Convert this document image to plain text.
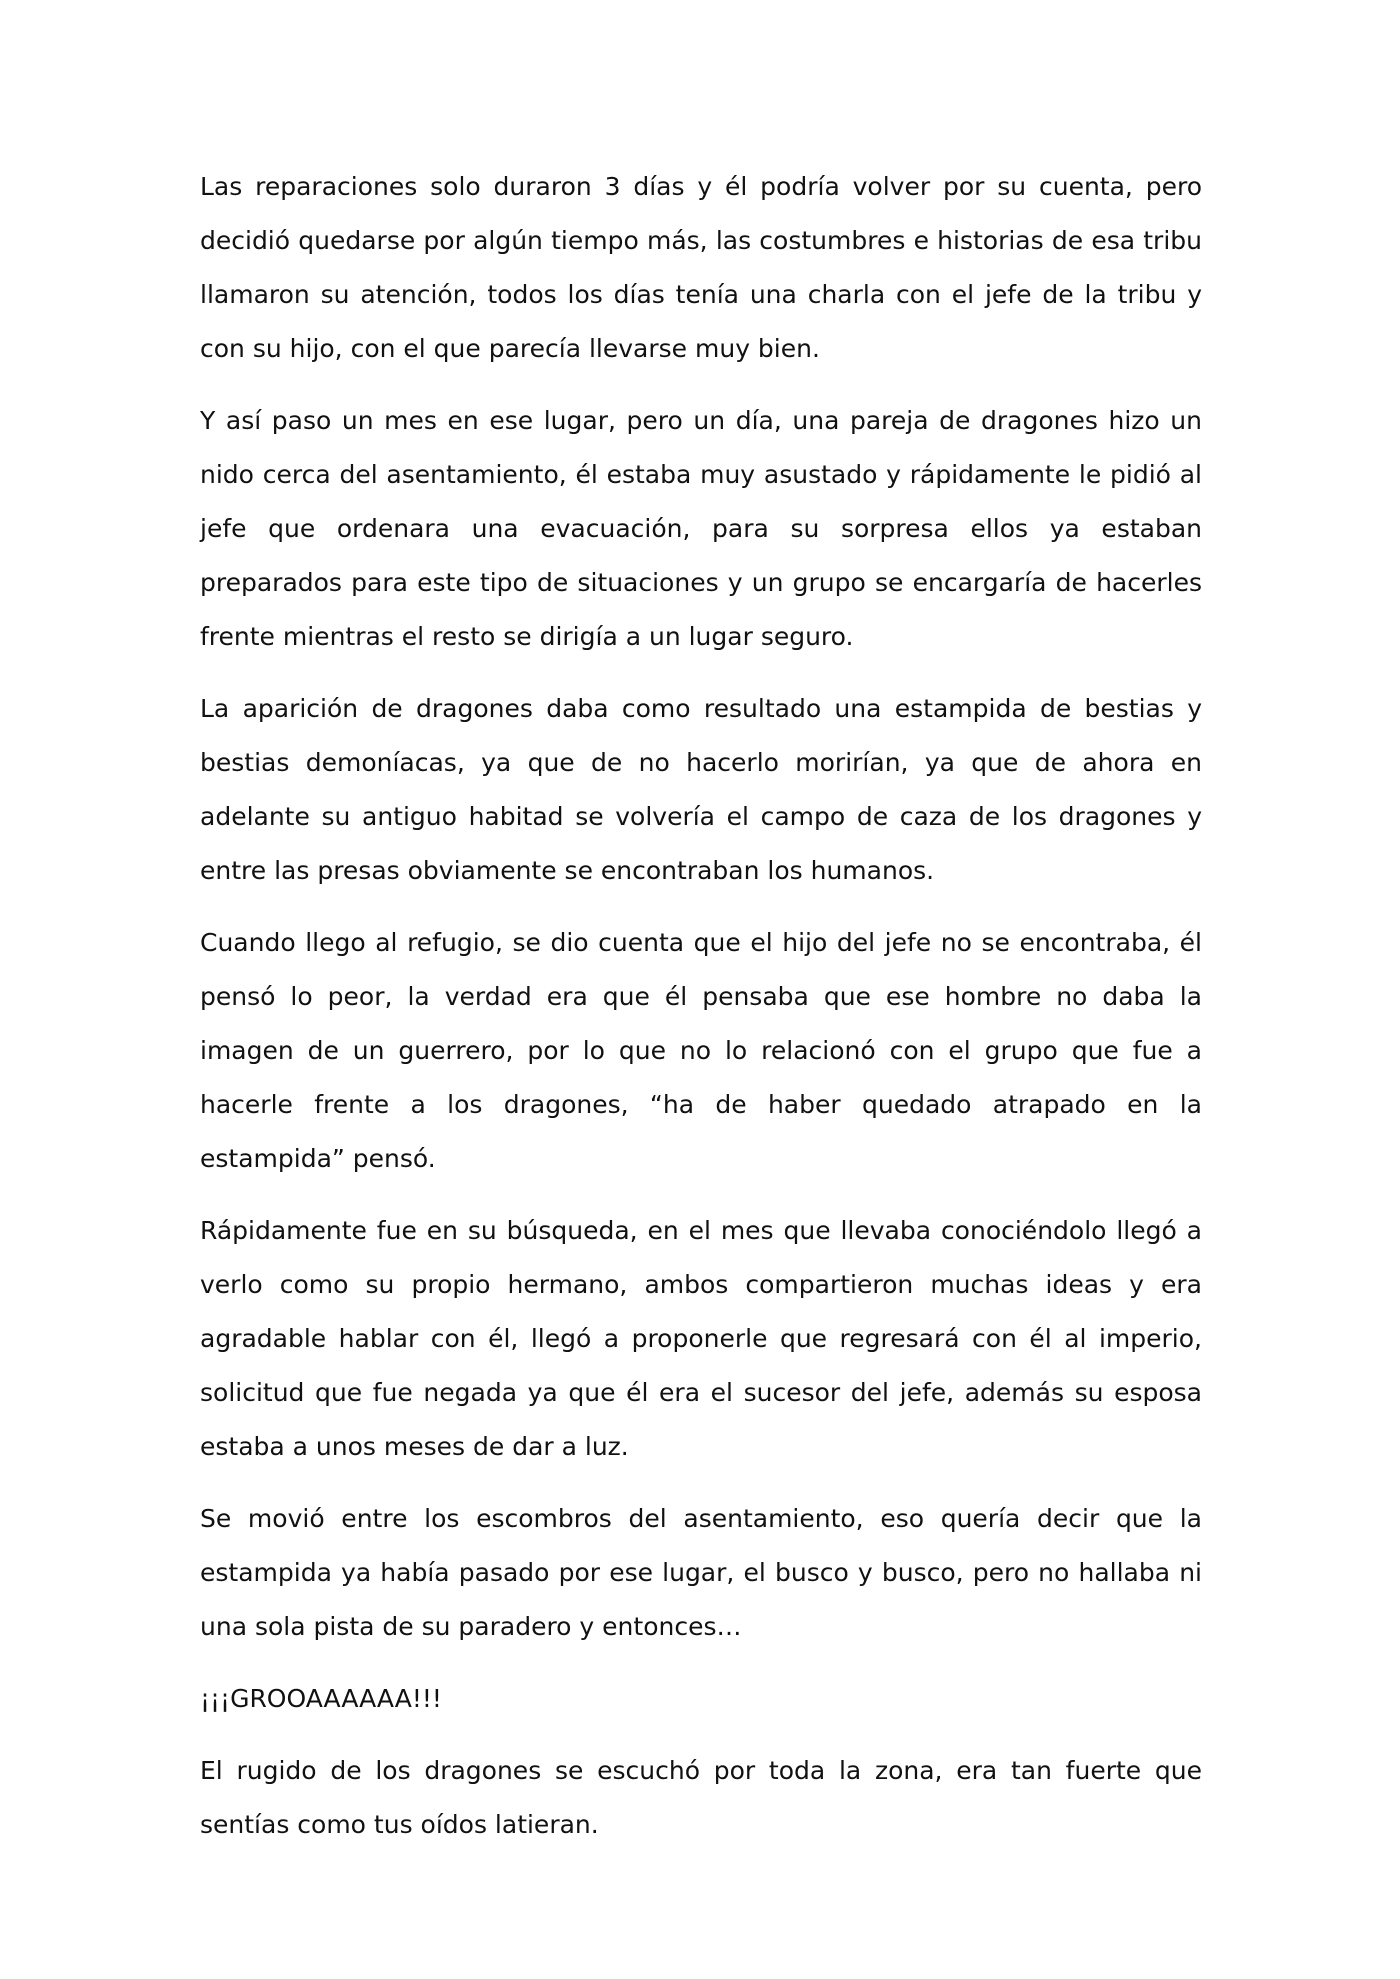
Las reparaciones solo duraron 3 días y él podría volver por su cuenta, pero decidió quedarse por algún tiempo más, las costumbres e historias de esa tribu llamaron su atención, todos los días tenía una charla con el jefe de la tribu y con su hijo, con el que parecía llevarse muy bien.

Y así paso un mes en ese lugar, pero un día, una pareja de dragones hizo un nido cerca del asentamiento, él estaba muy asustado y rápidamente le pidió al jefe que ordenara una evacuación, para su sorpresa ellos ya estaban preparados para este tipo de situaciones y un grupo se encargaría de hacerles frente mientras el resto se dirigía a un lugar seguro.

La aparición de dragones daba como resultado una estampida de bestias y bestias demoníacas, ya que de no hacerlo morirían, ya que de ahora en adelante su antiguo habitad se volvería el campo de caza de los dragones y entre las presas obviamente se encontraban los humanos.

Cuando llego al refugio, se dio cuenta que el hijo del jefe no se encontraba, él pensó lo peor, la verdad era que él pensaba que ese hombre no daba la imagen de un guerrero, por lo que no lo relacionó con el grupo que fue a hacerle frente a los dragones, “ha de haber quedado atrapado en la estampida” pensó.

Rápidamente fue en su búsqueda, en el mes que llevaba conociéndolo llegó a verlo como su propio hermano, ambos compartieron muchas ideas y era agradable hablar con él, llegó a proponerle que regresará con él al imperio, solicitud que fue negada ya que él era el sucesor del jefe, además su esposa estaba a unos meses de dar a luz.

Se movió entre los escombros del asentamiento, eso quería decir que la estampida ya había pasado por ese lugar, el busco y busco, pero no hallaba ni una sola pista de su paradero y entonces…

¡¡¡GROOAAAAAA!!!

El rugido de los dragones se escuchó por toda la zona, era tan fuerte que sentías como tus oídos latieran.
